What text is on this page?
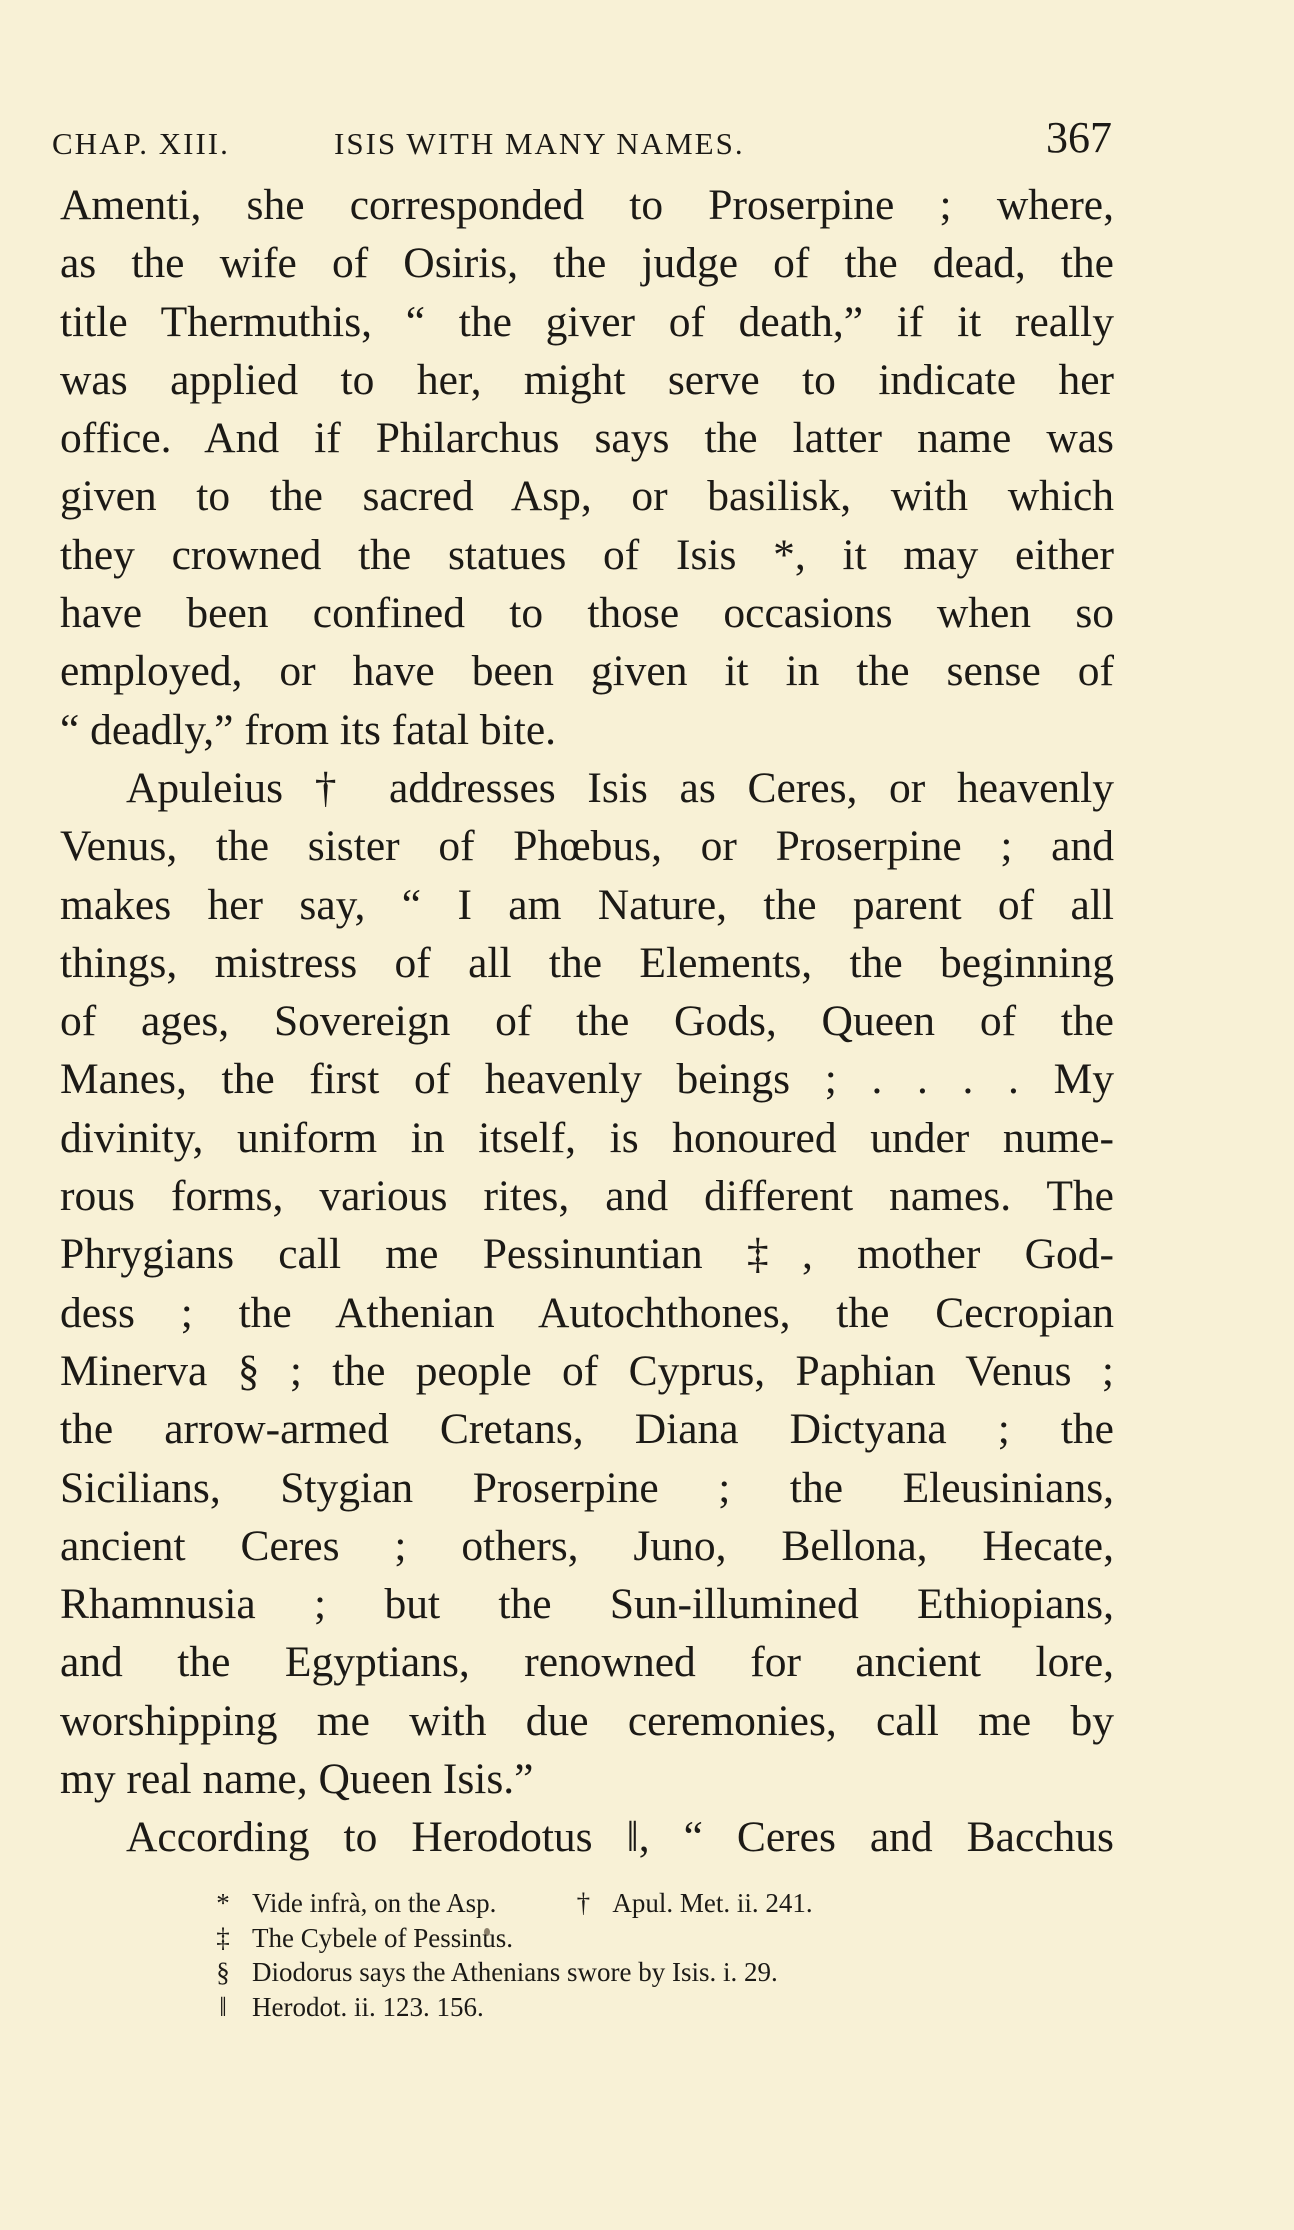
CHAP. XIII.	ISIS WITH MANY NAMES.	367
Amenti, she corresponded to Proserpine ; where,
as the wife of Osiris, the judge of the dead, the
title Thermuthis, “ the giver of death,” if it really
was applied to her, might serve to indicate her
office. And if Philarchus says the latter name was
given to the sacred Asp, or basilisk, with which
they crowned the statues of Isis *, it may either
have been confined to those occasions when so
employed, or have been given it in the sense of
“ deadly,” from its fatal bite.
Apuleius † addresses Isis as Ceres, or heavenly
Venus, the sister of Phœbus, or Proserpine ; and
makes her say, “ I am Nature, the parent of all
things, mistress of all the Elements, the beginning
of ages, Sovereign of the Gods, Queen of the
Manes, the first of heavenly beings ; . . . . My
divinity, uniform in itself, is honoured under nume-
rous forms, various rites, and different names. The
Phrygians call me Pessinuntian ‡, mother God-
dess ; the Athenian Autochthones, the Cecropian
Minerva § ; the people of Cyprus, Paphian Venus ;
the arrow-armed Cretans, Diana Dictyana ; the
Sicilians, Stygian Proserpine ; the Eleusinians,
ancient Ceres ; others, Juno, Bellona, Hecate,
Rhamnusia ; but the Sun-illumined Ethiopians,
and the Egyptians, renowned for ancient lore,
worshipping me with due ceremonies, call me by
my real name, Queen Isis.”
According to Herodotus ‖, “ Ceres and Bacchus
* Vide infrà, on the Asp.	† Apul. Met. ii. 241.
‡ The Cybele of Pessinus.
§ Diodorus says the Athenians swore by Isis. i. 29.
‖ Herodot. ii. 123. 156.
